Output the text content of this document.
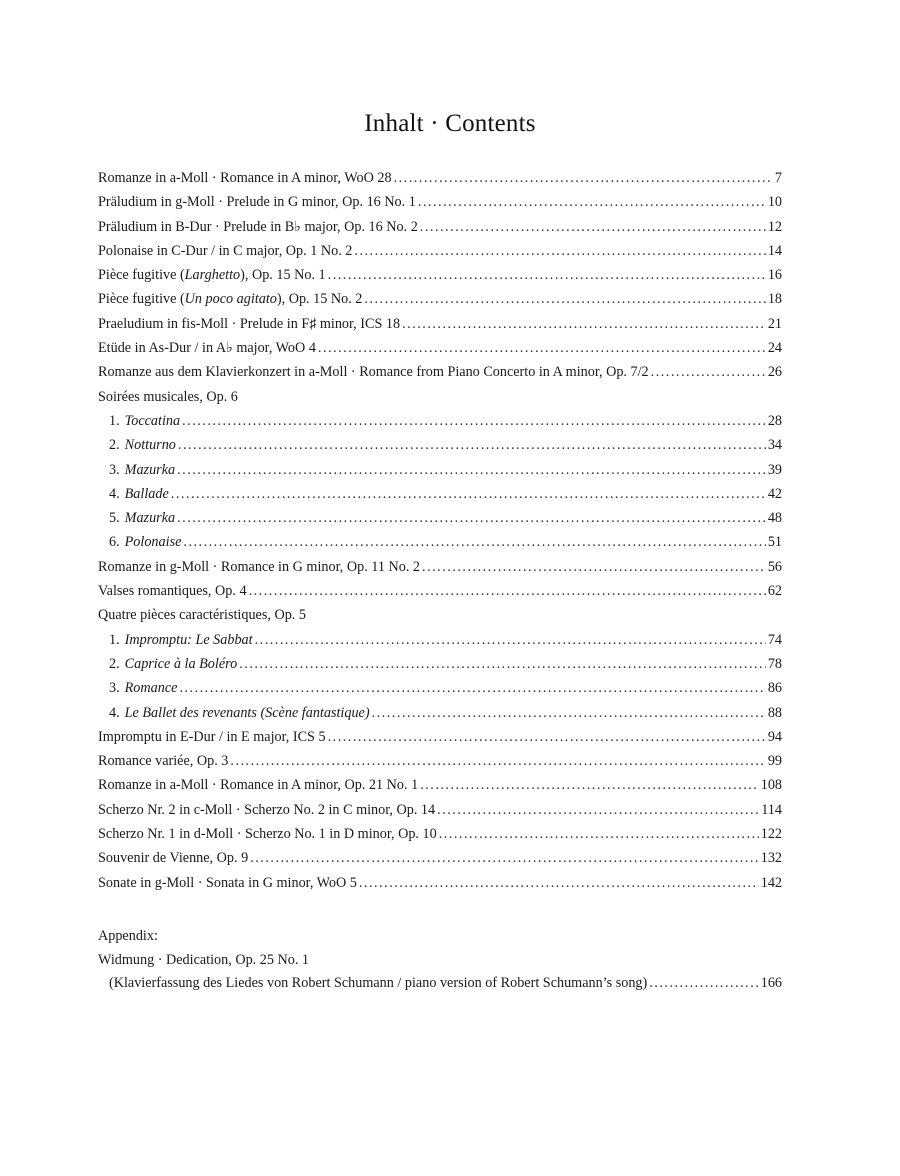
Inhalt · Contents
Romanze in a-Moll · Romance in A minor, WoO 28 .....	7
Präludium in g-Moll · Prelude in G minor, Op. 16 No. 1 .....	10
Präludium in B-Dur · Prelude in B♭ major, Op. 16 No. 2 .....	12
Polonaise in C-Dur / in C major, Op. 1 No. 2 .....	14
Pièce fugitive (Larghetto), Op. 15 No. 1 .....	16
Pièce fugitive (Un poco agitato), Op. 15 No. 2 .....	18
Praeludium in fis-Moll · Prelude in F♯ minor, ICS 18 .....	21
Etüde in As-Dur / in A♭ major, WoO 4 .....	24
Romanze aus dem Klavierkonzert in a-Moll · Romance from Piano Concerto in A minor, Op. 7/2 .....	26
Soirées musicales, Op. 6
1. Toccatina .....	28
2. Notturno .....	34
3. Mazurka .....	39
4. Ballade .....	42
5. Mazurka .....	48
6. Polonaise .....	51
Romanze in g-Moll · Romance in G minor, Op. 11 No. 2 .....	56
Valses romantiques, Op. 4 .....	62
Quatre pièces caractéristiques, Op. 5
1. Impromptu: Le Sabbat .....	74
2. Caprice à la Boléro .....	78
3. Romance .....	86
4. Le Ballet des revenants (Scène fantastique) .....	88
Impromptu in E-Dur / in E major, ICS 5 .....	94
Romance variée, Op. 3 .....	99
Romanze in a-Moll · Romance in A minor, Op. 21 No. 1 .....	108
Scherzo Nr. 2 in c-Moll · Scherzo No. 2 in C minor, Op. 14 .....	114
Scherzo Nr. 1 in d-Moll · Scherzo No. 1 in D minor, Op. 10 .....	122
Souvenir de Vienne, Op. 9 .....	132
Sonate in g-Moll · Sonata in G minor, WoO 5 .....	142
Appendix:
Widmung · Dedication, Op. 25 No. 1
(Klavierfassung des Liedes von Robert Schumann / piano version of Robert Schumann’s song) .....	166
